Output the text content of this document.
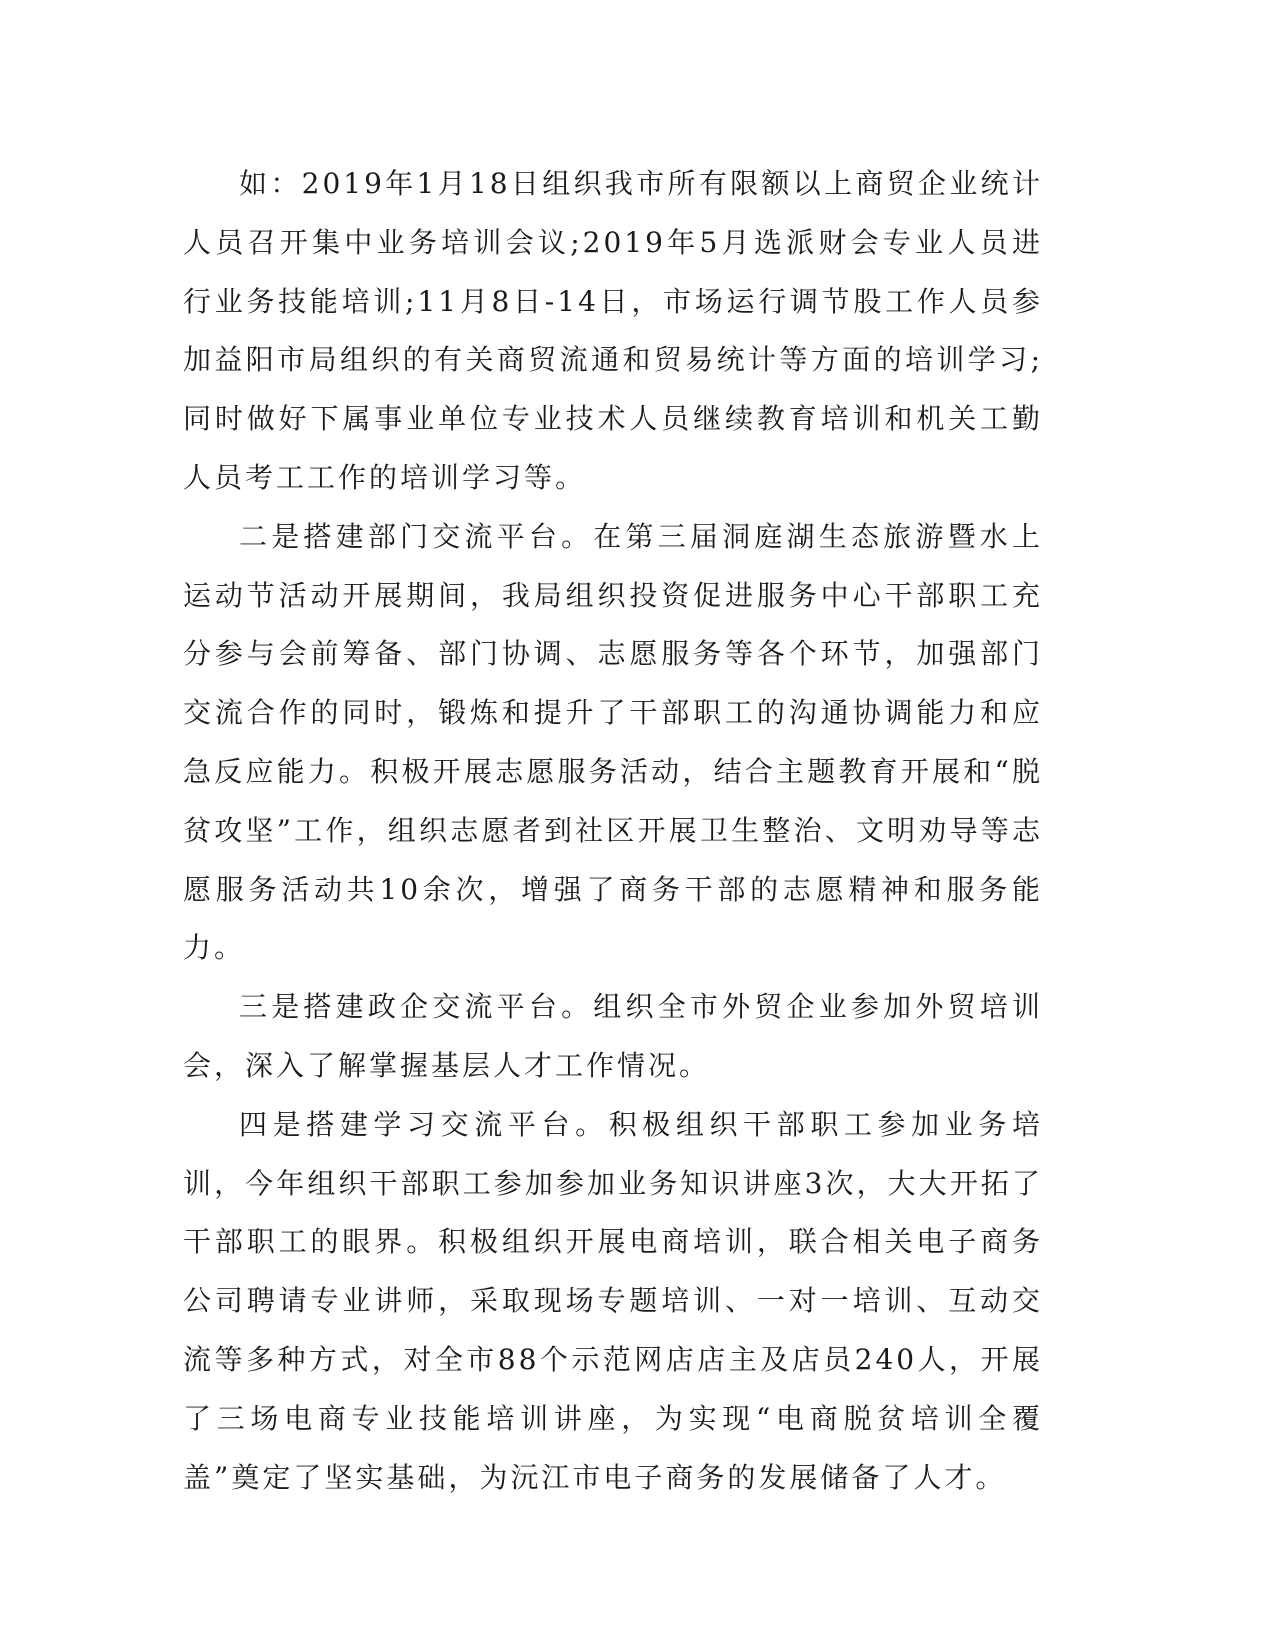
如：2019年1月18日组织我市所有限额以上商贸企业统计人员召开集中业务培训会议;2019年5月选派财会专业人员进行业务技能培训;11月8日-14日，市场运行调节股工作人员参加益阳市局组织的有关商贸流通和贸易统计等方面的培训学习;同时做好下属事业单位专业技术人员继续教育培训和机关工勤人员考工工作的培训学习等。

二是搭建部门交流平台。在第三届洞庭湖生态旅游暨水上运动节活动开展期间，我局组织投资促进服务中心干部职工充分参与会前筹备、部门协调、志愿服务等各个环节，加强部门交流合作的同时，锻炼和提升了干部职工的沟通协调能力和应急反应能力。积极开展志愿服务活动，结合主题教育开展和“脱贫攻坚”工作，组织志愿者到社区开展卫生整治、文明劝导等志愿服务活动共10余次，增强了商务干部的志愿精神和服务能力。

三是搭建政企交流平台。组织全市外贸企业参加外贸培训会，深入了解掌握基层人才工作情况。

四是搭建学习交流平台。积极组织干部职工参加业务培训，今年组织干部职工参加参加业务知识讲座3次，大大开拓了干部职工的眼界。积极组织开展电商培训，联合相关电子商务公司聘请专业讲师，采取现场专题培训、一对一培训、互动交流等多种方式，对全市88个示范网店店主及店员240人，开展了三场电商专业技能培训讲座，为实现“电商脱贫培训全覆盖”奠定了坚实基础，为沅江市电子商务的发展储备了人才。
